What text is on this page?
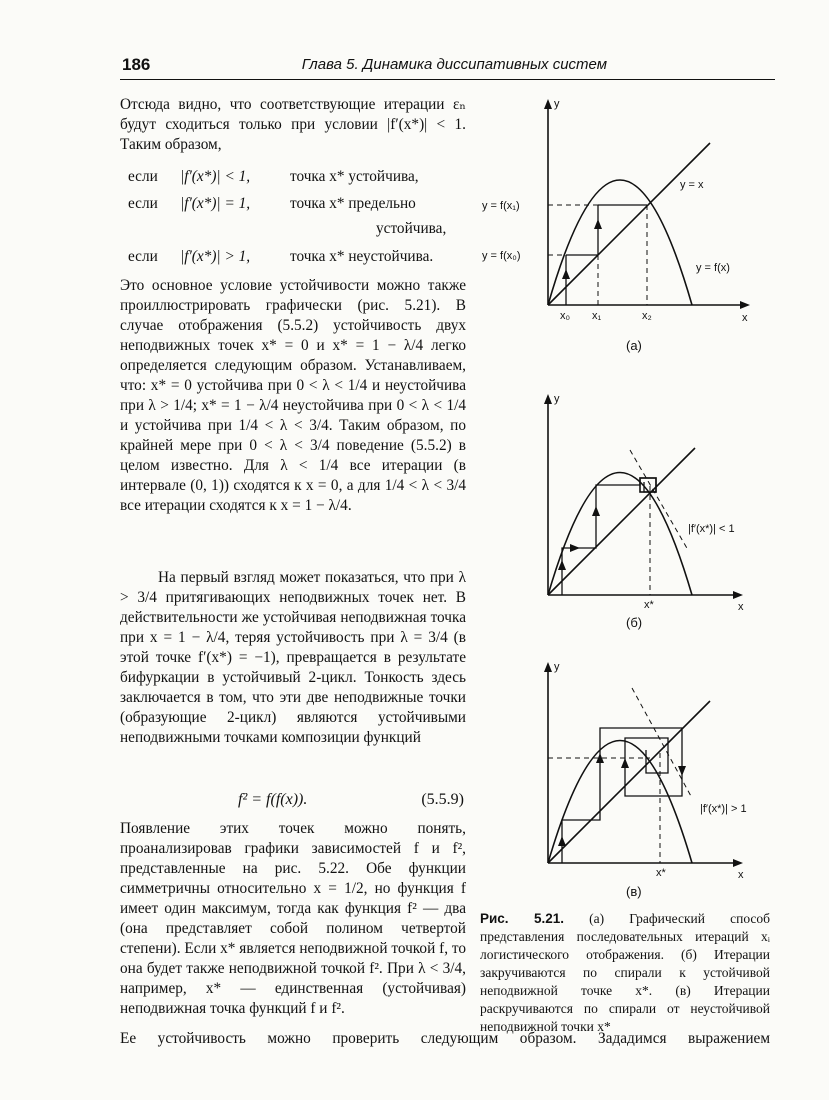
186	Глава 5. Динамика диссипативных систем

Отсюда видно, что соответствующие итерации εₙ будут сходиться только при условии |f′(x*)| < 1. Таким образом,

если |f′(x*)| < 1,	точка x* устойчива,
если |f′(x*)| = 1,	точка x* предельно
устойчива,
если |f′(x*)| > 1,	точка x* неустойчива.

Это основное условие устойчивости можно также проиллюстрировать графически (рис. 5.21). В случае отображения (5.5.2) устойчивость двух неподвижных точек x* = 0 и x* = 1 − λ/4 легко определяется следующим образом. Устанавливаем, что: x* = 0 устойчива при 0 < λ < 1/4 и неустойчива при λ > 1/4; x* = 1 − λ/4 неустойчива при 0 < λ < 1/4 и устойчива при 1/4 < λ < 3/4. Таким образом, по крайней мере при 0 < λ < 3/4 поведение (5.5.2) в целом известно. Для λ < 1/4 все итерации (в интервале (0, 1)) сходятся к x = 0, а для 1/4 < λ < 3/4 все итерации сходятся к x = 1 − λ/4.

На первый взгляд может показаться, что при λ > 3/4 притягивающих неподвижных точек нет. В действительности же устойчивая неподвижная точка при x = 1 − λ/4, теряя устойчивость при λ = 3/4 (в этой точке f′(x*) = −1), превращается в результате бифуркации в устойчивый 2-цикл. Тонкость здесь заключается в том, что эти две неподвижные точки (образующие 2-цикл) являются устойчивыми неподвижными точками композиции функций

f² = f(f(x)).	(5.5.9)

Появление этих точек можно понять, проанализировав графики зависимостей f и f², представленные на рис. 5.22. Обе функции симметричны относительно x = 1/2, но функция f имеет один максимум, тогда как функция f² — два (она представляет собой полином четвертой степени). Если x* является неподвижной точкой f, то она будет также неподвижной точкой f². При λ < 3/4, например, x* — единственная (устойчивая) неподвижная точка функций f и f².

Ее устойчивость можно проверить следующим образом. Зададимся выражением
y
x
y = x
y = f(x)
y = f(x₁)
y = f(x₀)
x₀ x₁	x₂
(а)
y
x
x*
|f′(x*)| < 1
(б)
y
x
x*
|f′(x*)| > 1
(в)
Рис. 5.21. (а) Графический способ представления последовательных итераций xᵢ логистического отображения. (б) Итерации закручиваются по спирали к устойчивой неподвижной точке x*. (в) Итерации раскручиваются по спирали от неустойчивой неподвижной точки x*
